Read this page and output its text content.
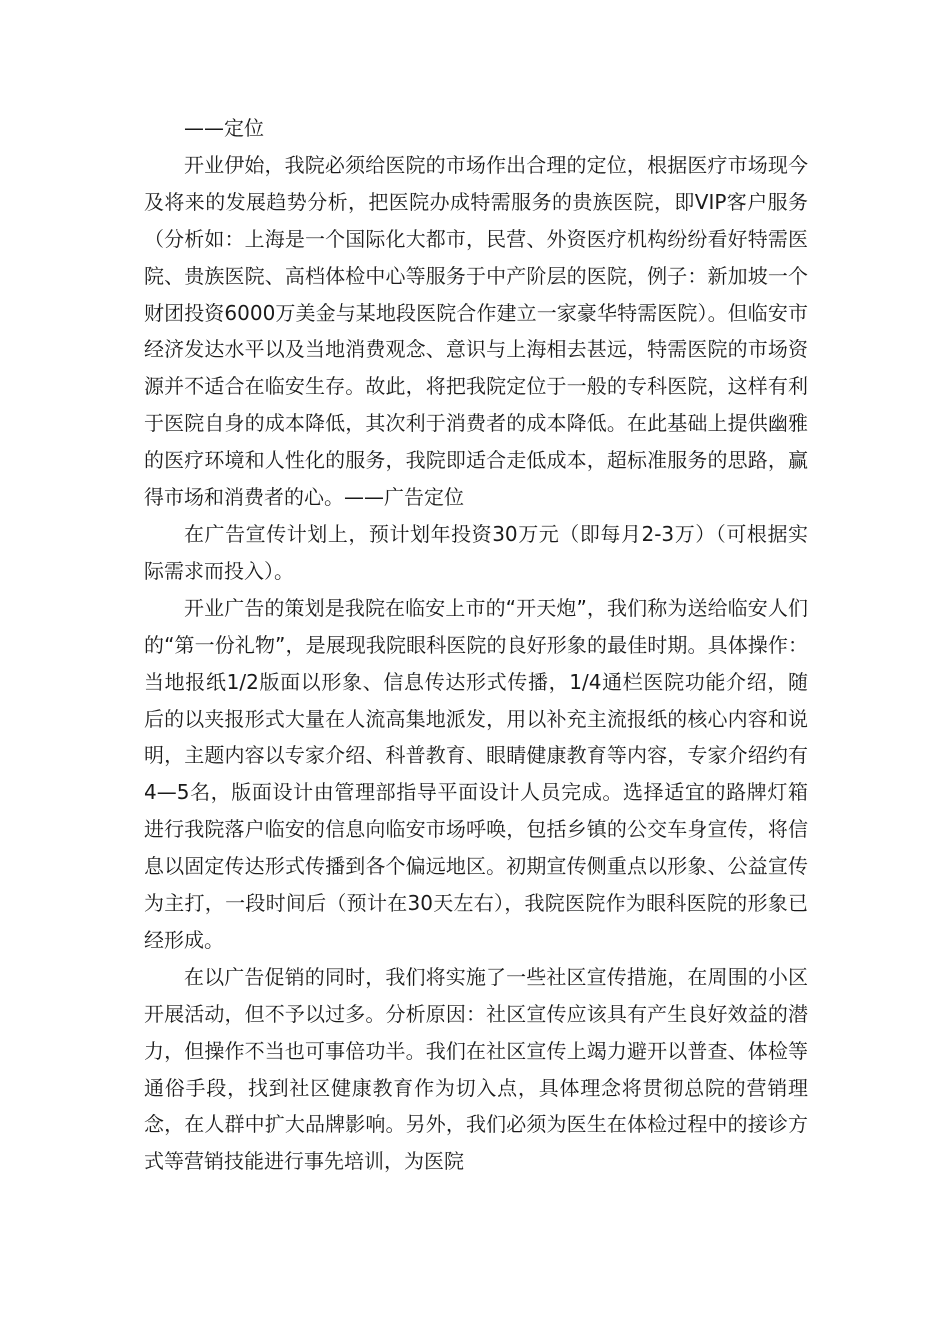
——定位

开业伊始，我院必须给医院的市场作出合理的定位，根据医疗市场现今及将来的发展趋势分析，把医院办成特需服务的贵族医院，即VIP客户服务（分析如：上海是一个国际化大都市，民营、外资医疗机构纷纷看好特需医院、贵族医院、高档体检中心等服务于中产阶层的医院，例子：新加坡一个财团投资6000万美金与某地段医院合作建立一家豪华特需医院）。但临安市经济发达水平以及当地消费观念、意识与上海相去甚远，特需医院的市场资源并不适合在临安生存。故此，将把我院定位于一般的专科医院，这样有利于医院自身的成本降低，其次利于消费者的成本降低。在此基础上提供幽雅的医疗环境和人性化的服务，我院即适合走低成本，超标准服务的思路，赢得市场和消费者的心。——广告定位

在广告宣传计划上，预计划年投资30万元（即每月2-3万）（可根据实际需求而投入）。

开业广告的策划是我院在临安上市的“开天炮”，我们称为送给临安人们的“第一份礼物”，是展现我院眼科医院的良好形象的最佳时期。具体操作：当地报纸1/2版面以形象、信息传达形式传播，1/4通栏医院功能介绍，随后的以夹报形式大量在人流高集地派发，用以补充主流报纸的核心内容和说明，主题内容以专家介绍、科普教育、眼睛健康教育等内容，专家介绍约有4—5名，版面设计由管理部指导平面设计人员完成。选择适宜的路牌灯箱进行我院落户临安的信息向临安市场呼唤，包括乡镇的公交车身宣传，将信息以固定传达形式传播到各个偏远地区。初期宣传侧重点以形象、公益宣传为主打，一段时间后（预计在30天左右），我院医院作为眼科医院的形象已经形成。

在以广告促销的同时，我们将实施了一些社区宣传措施，在周围的小区开展活动，但不予以过多。分析原因：社区宣传应该具有产生良好效益的潜力，但操作不当也可事倍功半。我们在社区宣传上竭力避开以普查、体检等通俗手段，找到社区健康教育作为切入点，具体理念将贯彻总院的营销理念，在人群中扩大品牌影响。另外，我们必须为医生在体检过程中的接诊方式等营销技能进行事先培训，为医院
